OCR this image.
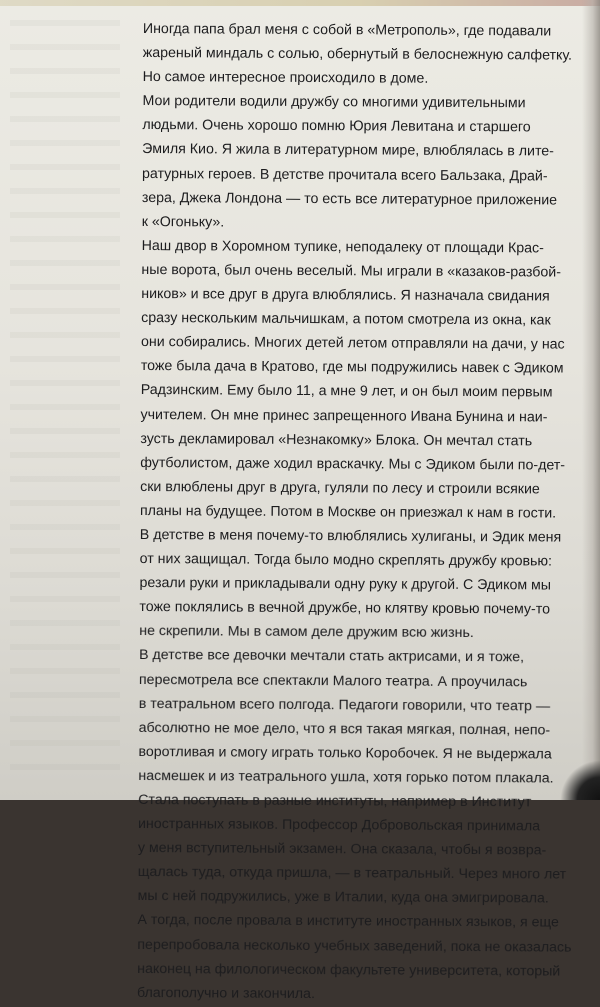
Иногда папа брал меня с собой в «Метрополь», где подавали
жареный миндаль с солью, обернутый в белоснежную салфетку.
Но самое интересное происходило в доме.
Мои родители водили дружбу со многими удивительными
людьми. Очень хорошо помню Юрия Левитана и старшего
Эмиля Кио. Я жила в литературном мире, влюблялась в лите-
ратурных героев. В детстве прочитала всего Бальзака, Драй-
зера, Джека Лондона — то есть все литературное приложение
к «Огоньку».
Наш двор в Хоромном тупике, неподалеку от площади Крас-
ные ворота, был очень веселый. Мы играли в «казаков-разбой-
ников» и все друг в друга влюблялись. Я назначала свидания
сразу нескольким мальчишкам, а потом смотрела из окна, как
они собирались. Многих детей летом отправляли на дачи, у нас
тоже была дача в Кратово, где мы подружились навек с Эдиком
Радзинским. Ему было 11, а мне 9 лет, и он был моим первым
учителем. Он мне принес запрещенного Ивана Бунина и наи-
зусть декламировал «Незнакомку» Блока. Он мечтал стать
футболистом, даже ходил враскачку. Мы с Эдиком были по-дет-
ски влюблены друг в друга, гуляли по лесу и строили всякие
планы на будущее. Потом в Москве он приезжал к нам в гости.
В детстве в меня почему-то влюблялись хулиганы, и Эдик меня
от них защищал. Тогда было модно скреплять дружбу кровью:
резали руки и прикладывали одну руку к другой. С Эдиком мы
тоже поклялись в вечной дружбе, но клятву кровью почему-то
не скрепили. Мы в самом деле дружим всю жизнь.
В детстве все девочки мечтали стать актрисами, и я тоже,
пересмотрела все спектакли Малого театра. А проучилась
в театральном всего полгода. Педагоги говорили, что театр —
абсолютно не мое дело, что я вся такая мягкая, полная, непо-
воротливая и смогу играть только Коробочек. Я не выдержала
насмешек и из театрального ушла, хотя горько потом плакала.
Стала поступать в разные институты, например в Институт
иностранных языков. Профессор Добровольская принимала
у меня вступительный экзамен. Она сказала, чтобы я возвра-
щалась туда, откуда пришла, — в театральный. Через много лет
мы с ней подружились, уже в Италии, куда она эмигрировала.
А тогда, после провала в институте иностранных языков, я еще
перепробовала несколько учебных заведений, пока не оказалась
наконец на филологическом факультете университета, который
благополучно и закончила.
